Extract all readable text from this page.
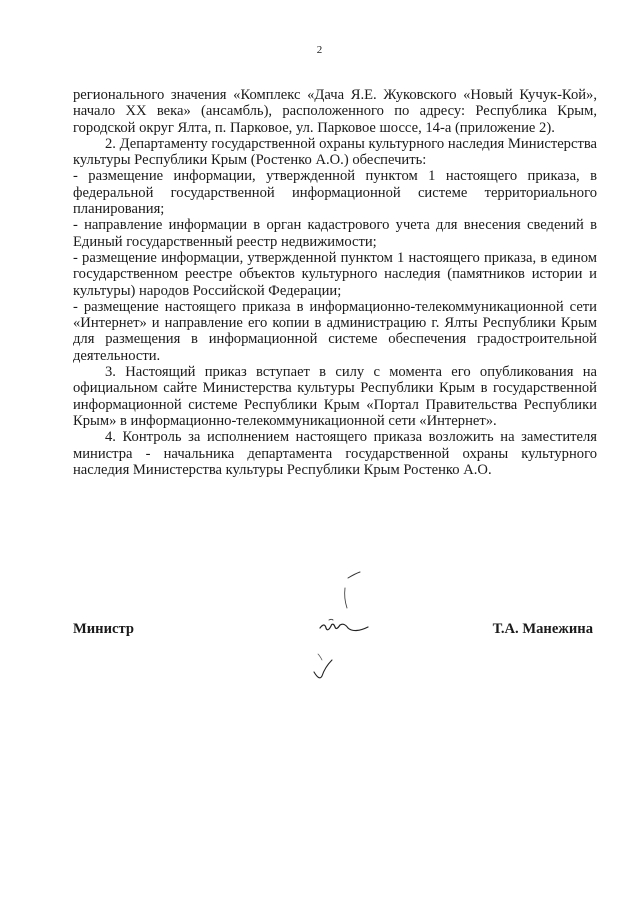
2

регионального значения «Комплекс «Дача Я.Е. Жуковского «Новый Кучук-Кой», начало XX века» (ансамбль), расположенного по адресу: Республика Крым, городской округ Ялта, п. Парковое, ул. Парковое шоссе, 14-а (приложение 2).

2. Департаменту государственной охраны культурного наследия Министерства культуры Республики Крым (Ростенко А.О.) обеспечить:

- размещение информации, утвержденной пунктом 1 настоящего приказа, в федеральной государственной информационной системе территориального планирования;

- направление информации в орган кадастрового учета для внесения сведений в Единый государственный реестр недвижимости;

- размещение информации, утвержденной пунктом 1 настоящего приказа, в едином государственном реестре объектов культурного наследия (памятников истории и культуры) народов Российской Федерации;

- размещение настоящего приказа в информационно-телекоммуникационной сети «Интернет» и направление его копии в администрацию г. Ялты Республики Крым для размещения в информационной системе обеспечения градостроительной деятельности.

3. Настоящий приказ вступает в силу с момента его опубликования на официальном сайте Министерства культуры Республики Крым в государственной информационной системе Республики Крым «Портал Правительства Республики Крым» в информационно-телекоммуникационной сети «Интернет».

4. Контроль за исполнением настоящего приказа возложить на заместителя министра - начальника департамента государственной охраны культурного наследия Министерства культуры Республики Крым Ростенко А.О.

Министр	Т.А. Манежина
